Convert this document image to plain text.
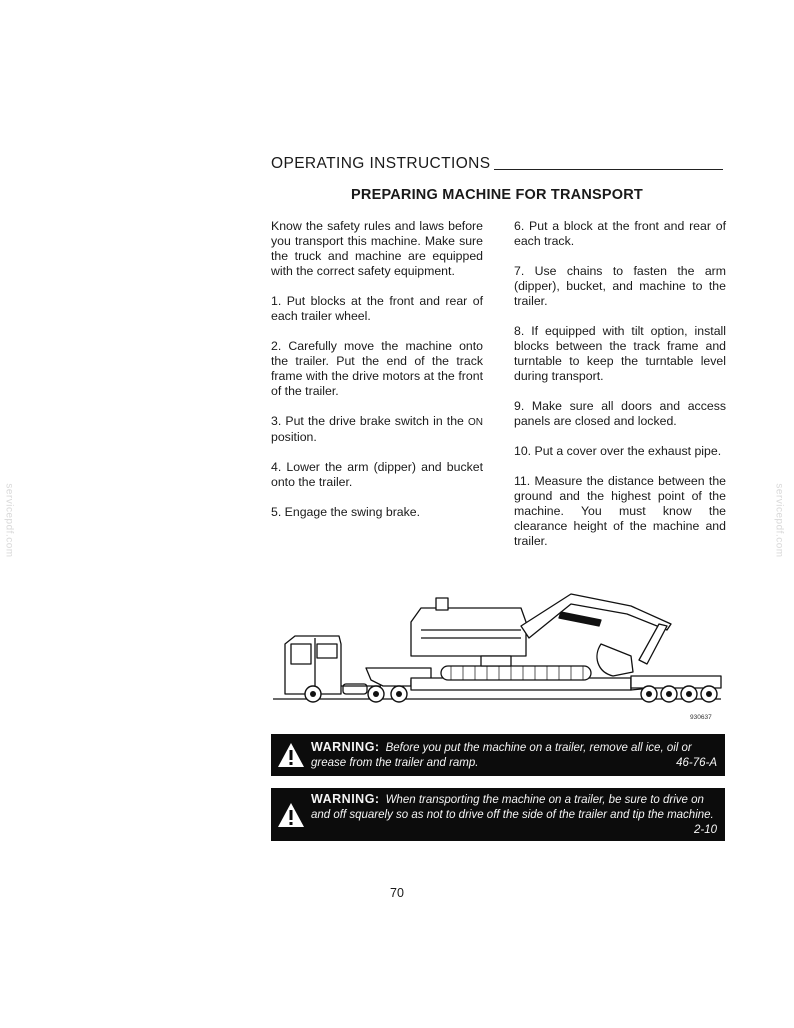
OPERATING INSTRUCTIONS
PREPARING MACHINE FOR TRANSPORT

Know the safety rules and laws before you transport this machine. Make sure the truck and machine are equipped with the correct safety equipment.

1. Put blocks at the front and rear of each trailer wheel.

2. Carefully move the machine onto the trailer. Put the end of the track frame with the drive motors at the front of the trailer.

3. Put the drive brake switch in the ON position.

4. Lower the arm (dipper) and bucket onto the trailer.

5. Engage the swing brake.

6. Put a block at the front and rear of each track.

7. Use chains to fasten the arm (dipper), bucket, and machine to the trailer.

8. If equipped with tilt option, install blocks between the track frame and turntable to keep the turntable level during transport.

9. Make sure all doors and access panels are closed and locked.

10. Put a cover over the exhaust pipe.

11. Measure the distance between the ground and the highest point of the machine. You must know the clearance height of the machine and trailer.

930637
WARNING: Before you put the machine on a trailer, remove all ice, oil or grease from the trailer and ramp.	46-76-A
WARNING: When transporting the machine on a trailer, be sure to drive on and off squarely so as not to drive off the side of the trailer and tip the machine.
2-10
70
servicepdf.com	servicepdf.com
